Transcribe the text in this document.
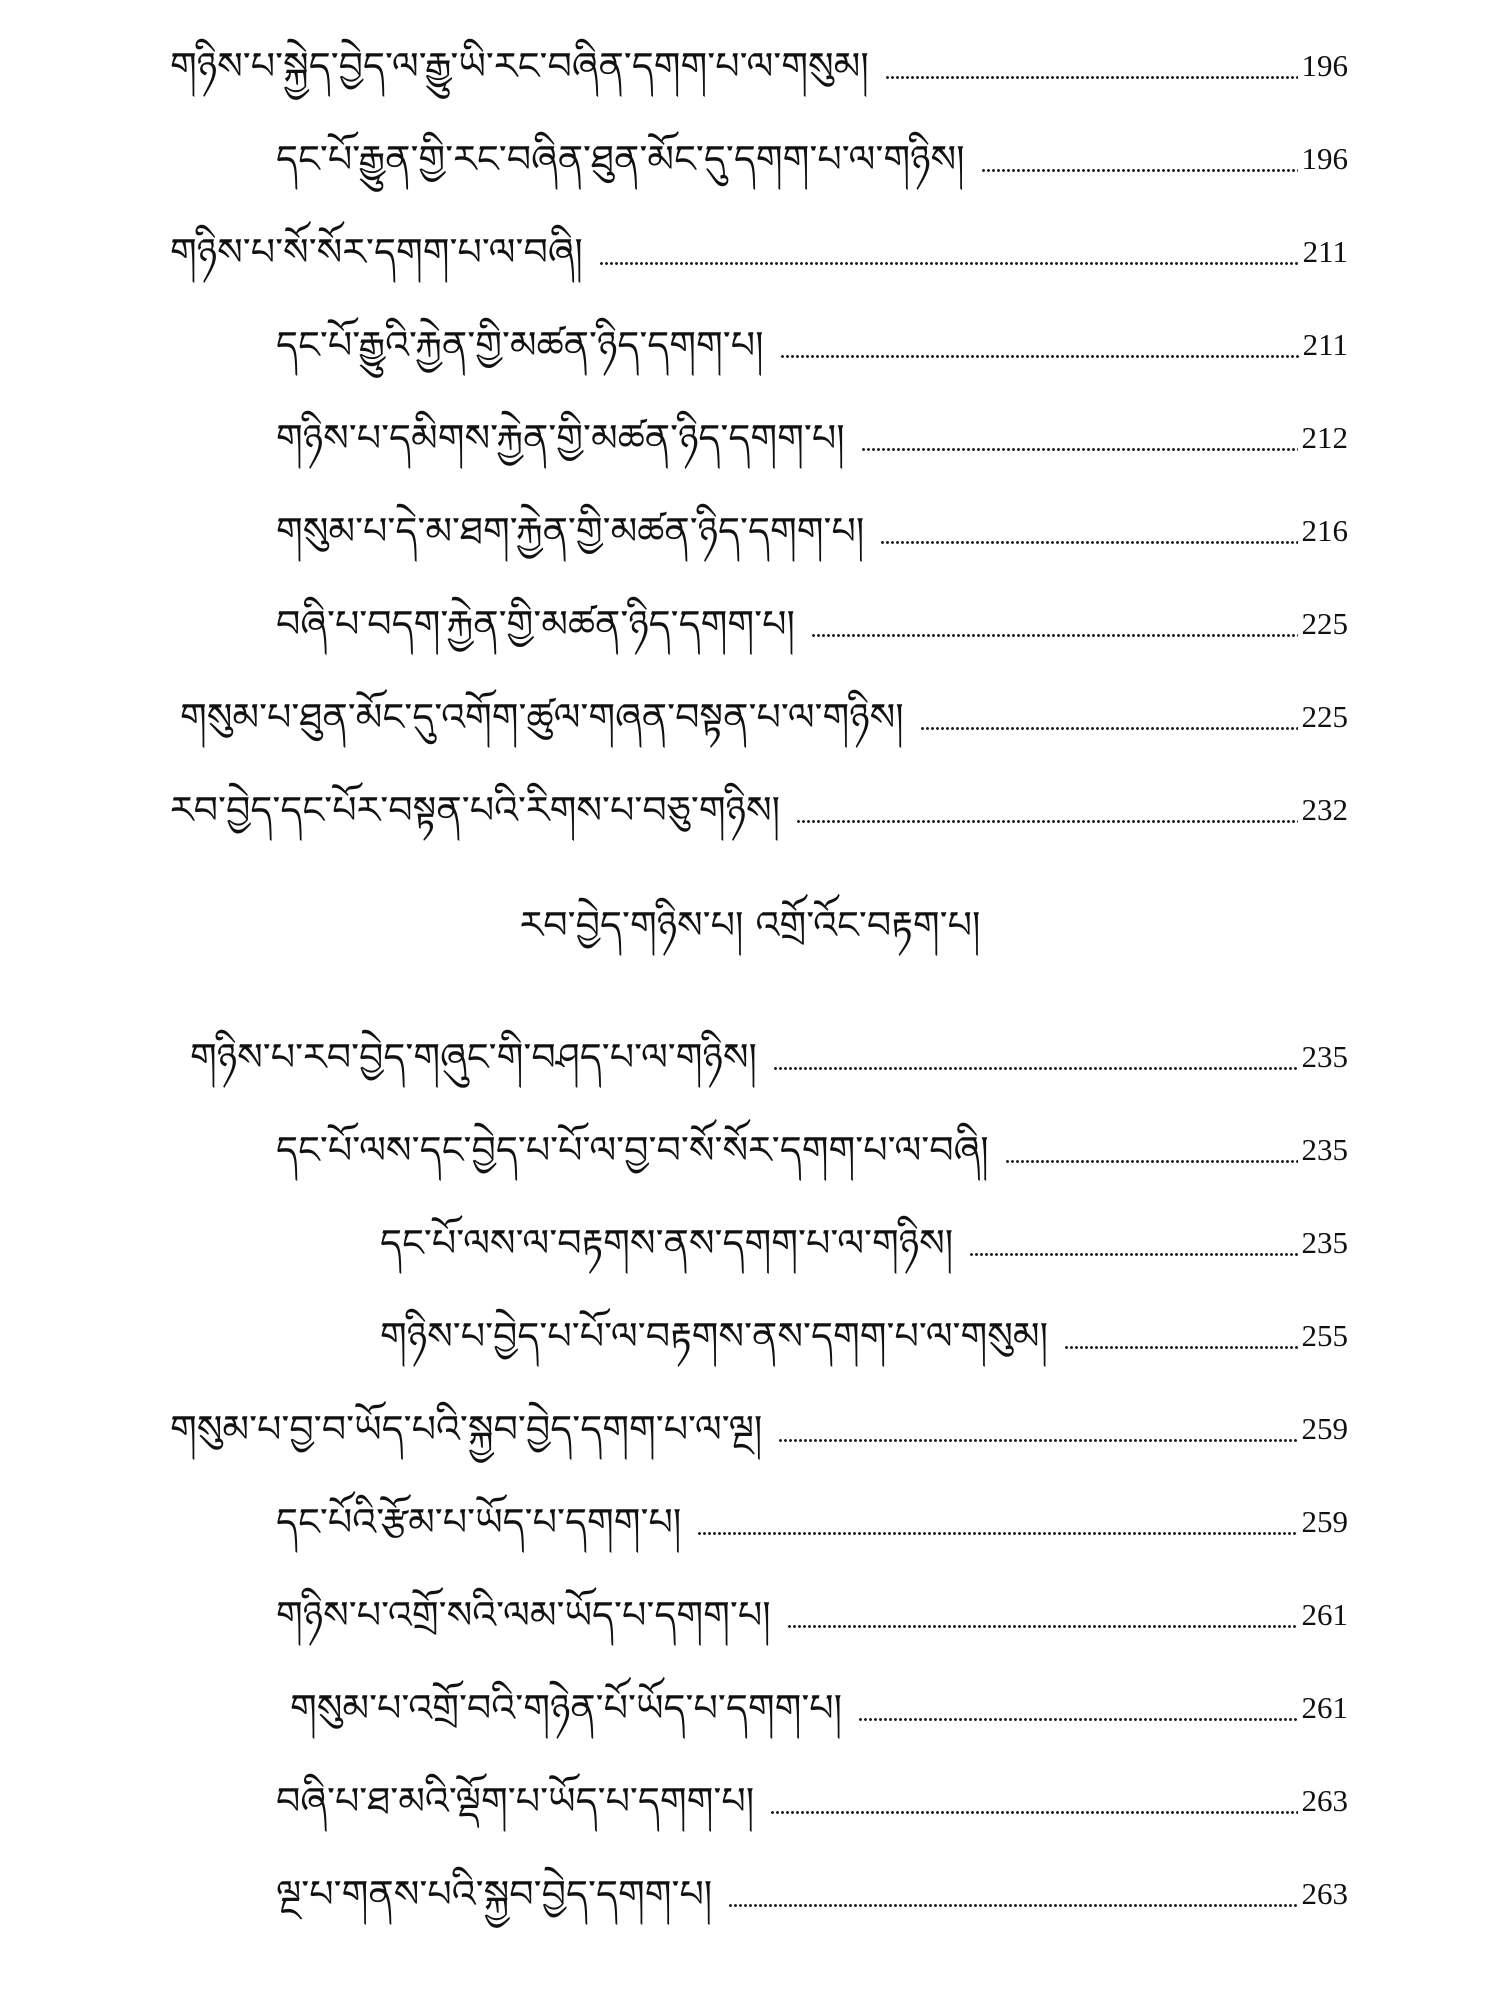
གཉིས་པ་སྐྱེད་བྱེད་ལ་རྒྱུ་ཡི་རང་བཞིན་དགག་པ་ལ་གསུམ།	196
དང་པོ་རྒྱུན་གྱི་རང་བཞིན་ཐུན་མོང་དུ་དགག་པ་ལ་གཉིས།	196
གཉིས་པ་སོ་སོར་དགག་པ་ལ་བཞི།	211
དང་པོ་རྒྱུའི་རྐྱེན་གྱི་མཚན་ཉིད་དགག་པ།	211
གཉིས་པ་དམིགས་རྐྱེན་གྱི་མཚན་ཉིད་དགག་པ།	212
གསུམ་པ་དེ་མ་ཐག་རྐྱེན་གྱི་མཚན་ཉིད་དགག་པ།	216
བཞི་པ་བདག་རྐྱེན་གྱི་མཚན་ཉིད་དགག་པ།	225
གསུམ་པ་ཐུན་མོང་དུ་འགོག་ཚུལ་གཞན་བསྟན་པ་ལ་གཉིས།	225
རབ་བྱེད་དང་པོར་བསྟན་པའི་རིགས་པ་བཅུ་གཉིས།	232
རབ་བྱེད་གཉིས་པ། འགྲོ་འོང་བརྟག་པ།
གཉིས་པ་རབ་བྱེད་གཞུང་གི་བཤད་པ་ལ་གཉིས།	235
དང་པོ་ལས་དང་བྱེད་པ་པོ་ལ་བྱ་བ་སོ་སོར་དགག་པ་ལ་བཞི།	235
དང་པོ་ལས་ལ་བརྟགས་ནས་དགག་པ་ལ་གཉིས།	235
གཉིས་པ་བྱེད་པ་པོ་ལ་བརྟགས་ནས་དགག་པ་ལ་གསུམ།	255
གསུམ་པ་བྱ་བ་ཡོད་པའི་སྐྱབ་བྱེད་དགག་པ་ལ་ལྔ།	259
དང་པོའི་རྩོམ་པ་ཡོད་པ་དགག་པ།	259
གཉིས་པ་འགྲོ་སའི་ལམ་ཡོད་པ་དགག་པ།	261
གསུམ་པ་འགྲོ་བའི་གཉེན་པོ་ཡོད་པ་དགག་པ།	261
བཞི་པ་ཐ་མའི་ལྡོག་པ་ཡོད་པ་དགག་པ།	263
ལྔ་པ་གནས་པའི་སྐྱབ་བྱེད་དགག་པ།	263
